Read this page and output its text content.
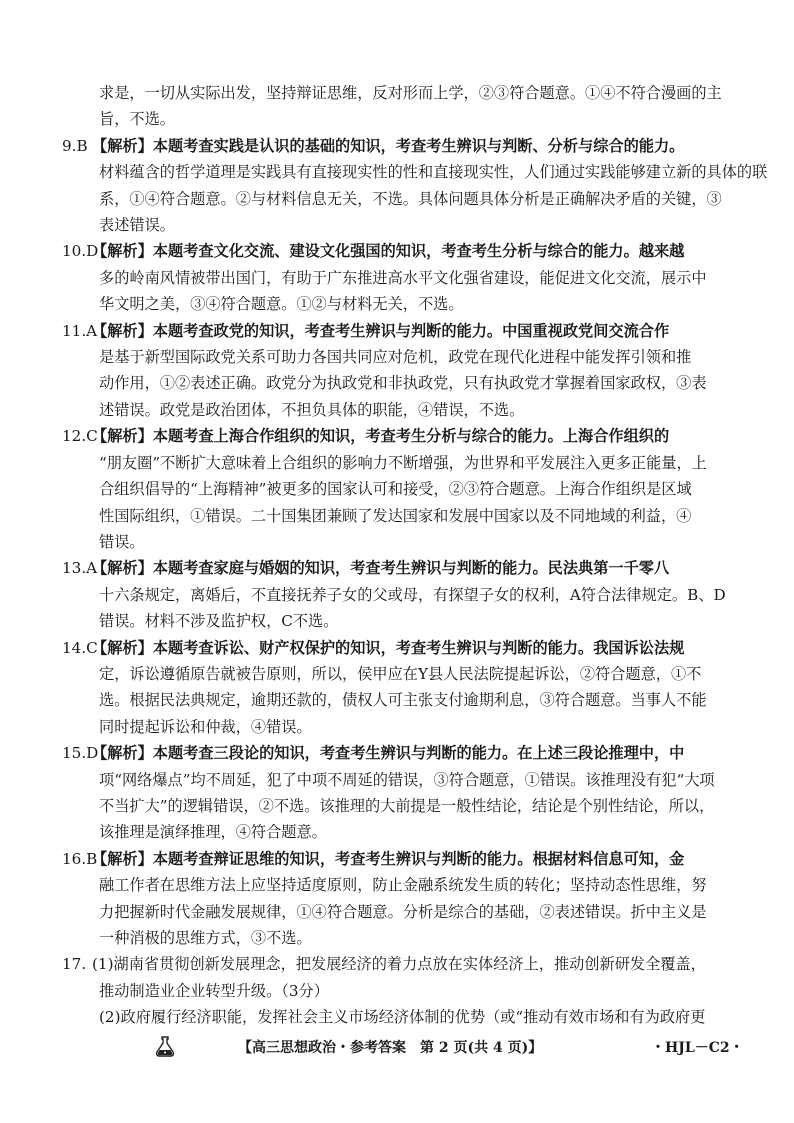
求是，一切从实际出发，坚持辩证思维，反对形而上学，②③符合题意。①④不符合漫画的主
旨，不选。
9.B 【解析】本题考查实践是认识的基础的知识，考查考生辨识与判断、分析与综合的能力。
材料蕴含的哲学道理是实践具有直接现实性的性和直接现实性，人们通过实践能够建立新的具体的联
系，①④符合题意。②与材料信息无关，不选。具体问题具体分析是正确解决矛盾的关键，③
表述错误。
10.D【解析】本题考查文化交流、建设文化强国的知识，考查考生分析与综合的能力。越来越
多的岭南风情被带出国门，有助于广东推进高水平文化强省建设，能促进文化交流，展示中
华文明之美，③④符合题意。①②与材料无关，不选。
11.A【解析】本题考查政党的知识，考查考生辨识与判断的能力。中国重视政党间交流合作
是基于新型国际政党关系可助力各国共同应对危机，政党在现代化进程中能发挥引领和推
动作用，①②表述正确。政党分为执政党和非执政党，只有执政党才掌握着国家政权，③表
述错误。政党是政治团体，不担负具体的职能，④错误，不选。
12.C【解析】本题考查上海合作组织的知识，考查考生分析与综合的能力。上海合作组织的
“朋友圈”不断扩大意味着上合组织的影响力不断增强，为世界和平发展注入更多正能量，上
合组织倡导的“上海精神”被更多的国家认可和接受，②③符合题意。上海合作组织是区域
性国际组织，①错误。二十国集团兼顾了发达国家和发展中国家以及不同地域的利益，④
错误。
13.A【解析】本题考查家庭与婚姻的知识，考查考生辨识与判断的能力。民法典第一千零八
十六条规定，离婚后，不直接抚养子女的父或母，有探望子女的权利，A符合法律规定。B、D
错误。材料不涉及监护权，C不选。
14.C【解析】本题考查诉讼、财产权保护的知识，考查考生辨识与判断的能力。我国诉讼法规
定，诉讼遵循原告就被告原则，所以，侯甲应在Y县人民法院提起诉讼，②符合题意，①不
选。根据民法典规定，逾期还款的，债权人可主张支付逾期利息，③符合题意。当事人不能
同时提起诉讼和仲裁，④错误。
15.D【解析】本题考查三段论的知识，考查考生辨识与判断的能力。在上述三段论推理中，中
项“网络爆点”均不周延，犯了中项不周延的错误，③符合题意，①错误。该推理没有犯“大项
不当扩大”的逻辑错误，②不选。该推理的大前提是一般性结论，结论是个别性结论，所以，
该推理是演绎推理，④符合题意。
16.B【解析】本题考查辩证思维的知识，考查考生辨识与判断的能力。根据材料信息可知，金
融工作者在思维方法上应坚持适度原则，防止金融系统发生质的转化；坚持动态性思维，努
力把握新时代金融发展规律，①④符合题意。分析是综合的基础，②表述错误。折中主义是
一种消极的思维方式，③不选。
17. (1)湖南省贯彻创新发展理念，把发展经济的着力点放在实体经济上，推动创新研发全覆盖，
推动制造业企业转型升级。（3分）
(2)政府履行经济职能，发挥社会主义市场经济体制的优势（或“推动有效市场和有为政府更
【高三思想政治・参考答案　第 2 页(共 4 页)】	・HJL－C2・
